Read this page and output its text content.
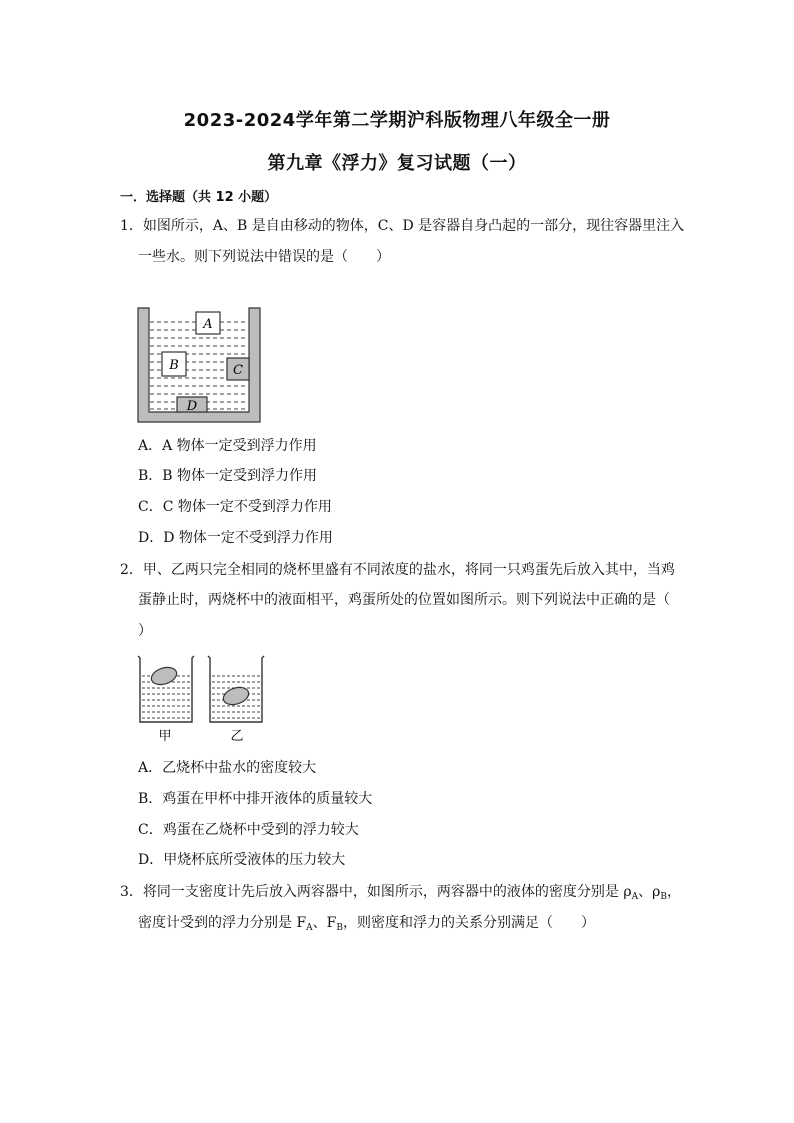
2023-2024学年第二学期沪科版物理八年级全一册
第九章《浮力》复习试题（一）
一．选择题（共 12 小题）
1．如图所示，A、B 是自由移动的物体，C、D 是容器自身凸起的一部分，现往容器里注入
一些水。则下列说法中错误的是（　　）
A
B	C
D
A．A 物体一定受到浮力作用
B．B 物体一定受到浮力作用
C．C 物体一定不受到浮力作用
D．D 物体一定不受到浮力作用
2．甲、乙两只完全相同的烧杯里盛有不同浓度的盐水，将同一只鸡蛋先后放入其中，当鸡
蛋静止时，两烧杯中的液面相平，鸡蛋所处的位置如图所示。则下列说法中正确的是（
）
甲	乙
A．乙烧杯中盐水的密度较大
B．鸡蛋在甲杯中排开液体的质量较大
C．鸡蛋在乙烧杯中受到的浮力较大
D．甲烧杯底所受液体的压力较大
3．将同一支密度计先后放入两容器中，如图所示，两容器中的液体的密度分别是 $\rho_A$、$\rho_B$，
密度计受到的浮力分别是 $F_A$、$F_B$，则密度和浮力的关系分别满足（　　）
